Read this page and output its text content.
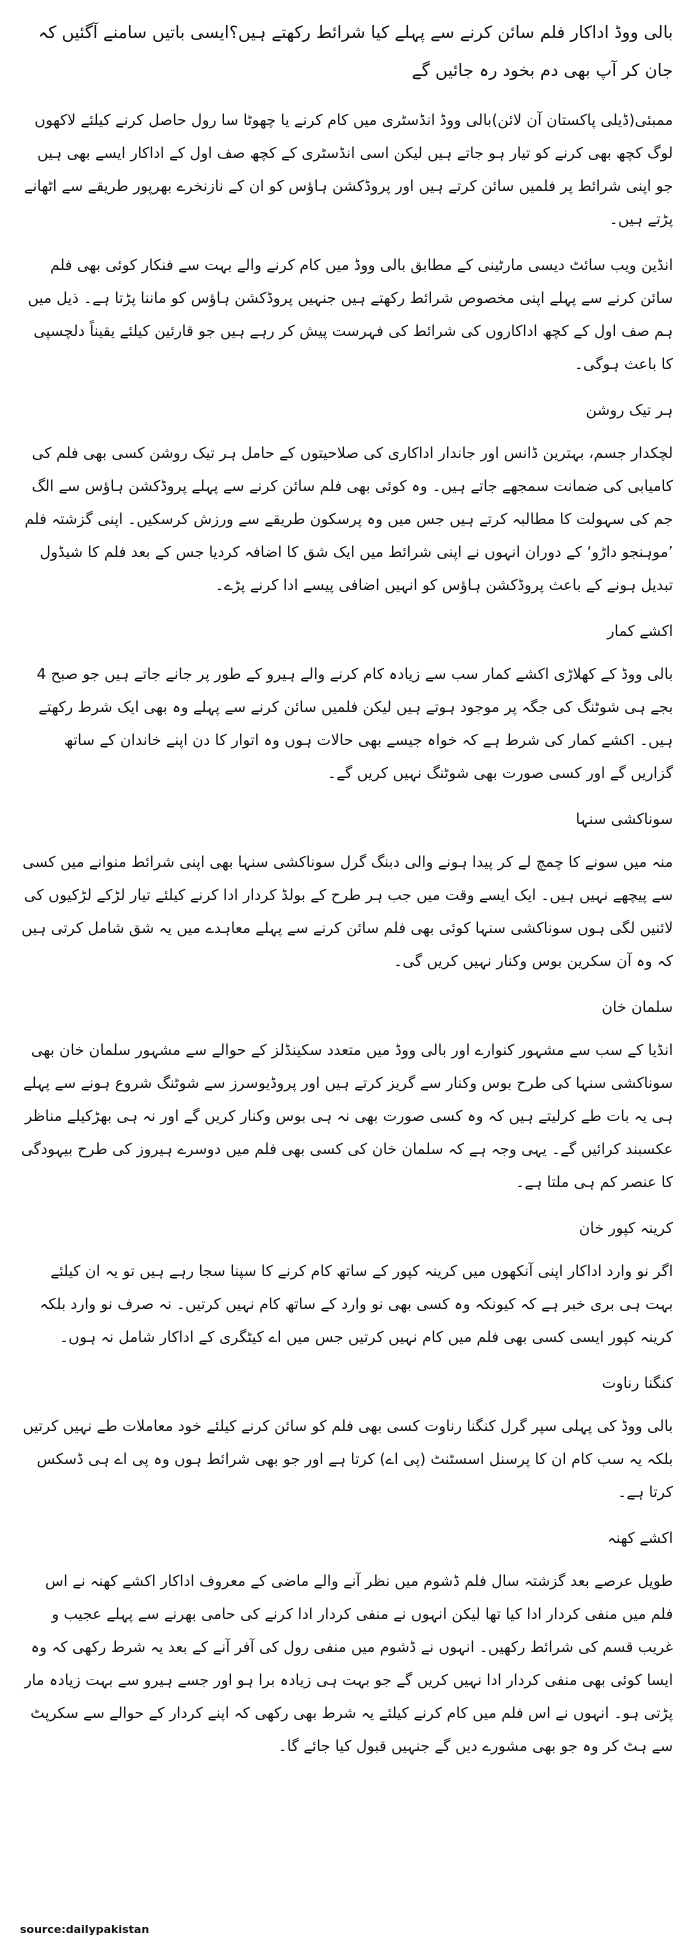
بالی ووڈ اداکار فلم سائن کرنے سے پہلے کیا شرائط رکھتے ہیں؟ایسی باتیں سامنے آگئیں کہ جان کر آپ بھی دم بخود رہ جائیں گے

ممبئی(ڈیلی پاکستان آن لائن)بالی ووڈ انڈسٹری میں کام کرنے یا چھوٹا سا رول حاصل کرنے کیلئے لاکھوں لوگ کچھ بھی کرنے کو تیار ہو جاتے ہیں لیکن اسی انڈسٹری کے کچھ صف اول کے اداکار ایسے بھی ہیں جو اپنی شرائط پر فلمیں سائن کرتے ہیں اور پروڈکشن ہاؤس کو ان کے نازنخرے بھرپور طریقے سے اٹھانے پڑتے ہیں۔

انڈین ویب سائٹ دیسی مارٹینی کے مطابق بالی ووڈ میں کام کرنے والے بہت سے فنکار کوئی بھی فلم سائن کرنے سے پہلے اپنی مخصوص شرائط رکھتے ہیں جنہیں پروڈکشن ہاؤس کو ماننا پڑتا ہے۔ ذیل میں ہم صف اول کے کچھ اداکاروں کی شرائط کی فہرست پیش کر رہے ہیں جو قارئین کیلئے یقیناً دلچسپی کا باعث ہوگی۔

ہر تیک روشن

لچکدار جسم، بہترین ڈانس اور جاندار اداکاری کی صلاحیتوں کے حامل ہر تیک روشن کسی بھی فلم کی کامیابی کی ضمانت سمجھے جاتے ہیں۔ وہ کوئی بھی فلم سائن کرنے سے پہلے پروڈکشن ہاؤس سے الگ جم کی سہولت کا مطالبہ کرتے ہیں جس میں وہ پرسکون طریقے سے ورزش کرسکیں۔ اپنی گزشتہ فلم ’موہنجو داڑو‘ کے دوران انہوں نے اپنی شرائط میں ایک شق کا اضافہ کردیا جس کے بعد فلم کا شیڈول تبدیل ہونے کے باعث پروڈکشن ہاؤس کو انہیں اضافی پیسے ادا کرنے پڑے۔

اکشے کمار

بالی ووڈ کے کھلاڑی اکشے کمار سب سے زیادہ کام کرنے والے ہیرو کے طور پر جانے جاتے ہیں جو صبح 4 بجے ہی شوٹنگ کی جگہ پر موجود ہوتے ہیں لیکن فلمیں سائن کرنے سے پہلے وہ بھی ایک شرط رکھتے ہیں۔ اکشے کمار کی شرط ہے کہ خواہ جیسے بھی حالات ہوں وہ اتوار کا دن اپنے خاندان کے ساتھ گزاریں گے اور کسی صورت بھی شوٹنگ نہیں کریں گے۔

سوناکشی سنہا

منہ میں سونے کا چمچ لے کر پیدا ہونے والی دبنگ گرل سوناکشی سنہا بھی اپنی شرائط منوانے میں کسی سے پیچھے نہیں ہیں۔ ایک ایسے وقت میں جب ہر طرح کے بولڈ کردار ادا کرنے کیلئے تیار لڑکے لڑکیوں کی لائنیں لگی ہوں سوناکشی سنہا کوئی بھی فلم سائن کرنے سے پہلے معاہدے میں یہ شق شامل کرتی ہیں کہ وہ آن سکرین بوس وکنار نہیں کریں گی۔

سلمان خان

انڈیا کے سب سے مشہور کنوارے اور بالی ووڈ میں متعدد سکینڈلز کے حوالے سے مشہور سلمان خان بھی سوناکشی سنہا کی طرح بوس وکنار سے گریز کرتے ہیں اور پروڈیوسرز سے شوٹنگ شروع ہونے سے پہلے ہی یہ بات طے کرلیتے ہیں کہ وہ کسی صورت بھی نہ ہی بوس وکنار کریں گے اور نہ ہی بھڑکیلے مناظر عکسبند کرائیں گے۔ یہی وجہ ہے کہ سلمان خان کی کسی بھی فلم میں دوسرے ہیروز کی طرح بیہودگی کا عنصر کم ہی ملتا ہے۔

کرینہ کپور خان

اگر نو وارد اداکار اپنی آنکھوں میں کرینہ کپور کے ساتھ کام کرنے کا سپنا سجا رہے ہیں تو یہ ان کیلئے بہت ہی بری خبر ہے کہ کیونکہ وہ کسی بھی نو وارد کے ساتھ کام نہیں کرتیں۔ نہ صرف نو وارد بلکہ کرینہ کپور ایسی کسی بھی فلم میں کام نہیں کرتیں جس میں اے کیٹگری کے اداکار شامل نہ ہوں۔

کنگنا رناوت

بالی ووڈ کی پہلی سپر گرل کنگنا رناوت کسی بھی فلم کو سائن کرنے کیلئے خود معاملات طے نہیں کرتیں بلکہ یہ سب کام ان کا پرسنل اسسٹنٹ (پی اے) کرتا ہے اور جو بھی شرائط ہوں وہ پی اے ہی ڈسکس کرتا ہے۔

اکشے کھنہ

طویل عرصے بعد گزشتہ سال فلم ڈشوم میں نظر آنے والے ماضی کے معروف اداکار اکشے کھنہ نے اس فلم میں منفی کردار ادا کیا تھا لیکن انہوں نے منفی کردار ادا کرنے کی حامی بھرنے سے پہلے عجیب و غریب قسم کی شرائط رکھیں۔ انہوں نے ڈشوم میں منفی رول کی آفر آنے کے بعد یہ شرط رکھی کہ وہ ایسا کوئی بھی منفی کردار ادا نہیں کریں گے جو بہت ہی زیادہ برا ہو اور جسے ہیرو سے بہت زیادہ مار پڑتی ہو۔ انہوں نے اس فلم میں کام کرنے کیلئے یہ شرط بھی رکھی کہ اپنے کردار کے حوالے سے سکرپٹ سے ہٹ کر وہ جو بھی مشورے دیں گے جنہیں قبول کیا جائے گا۔

source:dailypakistan
